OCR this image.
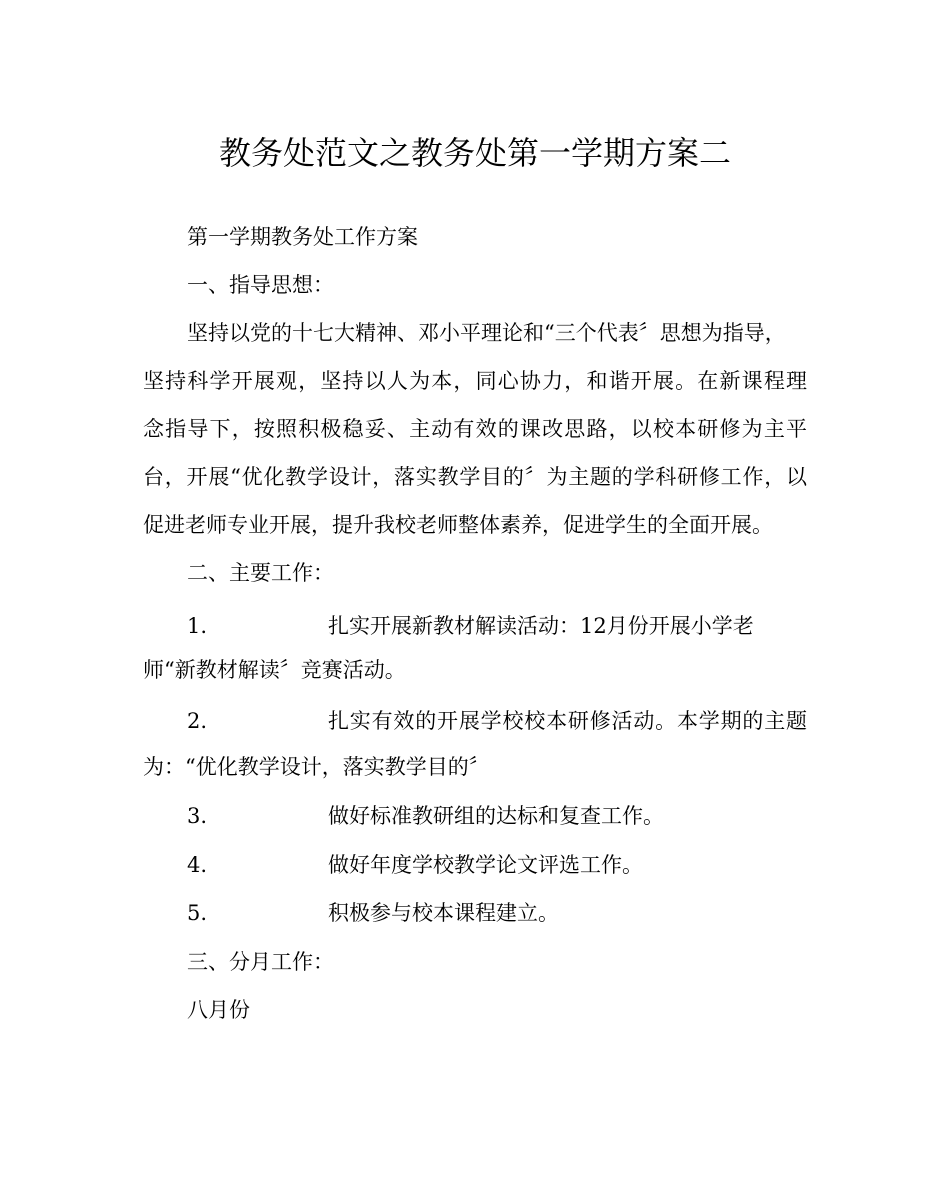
教务处范文之教务处第一学期方案二
第一学期教务处工作方案
一、指导思想：
坚持以党的十七大精神、邓小平理论和“三个代表〞思想为指导，
坚持科学开展观，坚持以人为本，同心协力，和谐开展。在新课程理
念指导下，按照积极稳妥、主动有效的课改思路，以校本研修为主平
台，开展“优化教学设计，落实教学目的〞为主题的学科研修工作，以
促进老师专业开展，提升我校老师整体素养，促进学生的全面开展。
二、主要工作：
1.	扎实开展新教材解读活动：12月份开展小学老
师“新教材解读〞竞赛活动。
2.	扎实有效的开展学校校本研修活动。本学期的主题
为：“优化教学设计，落实教学目的〞
3.	做好标准教研组的达标和复查工作。
4.	做好年度学校教学论文评选工作。
5.	积极参与校本课程建立。
三、分月工作：
八月份
